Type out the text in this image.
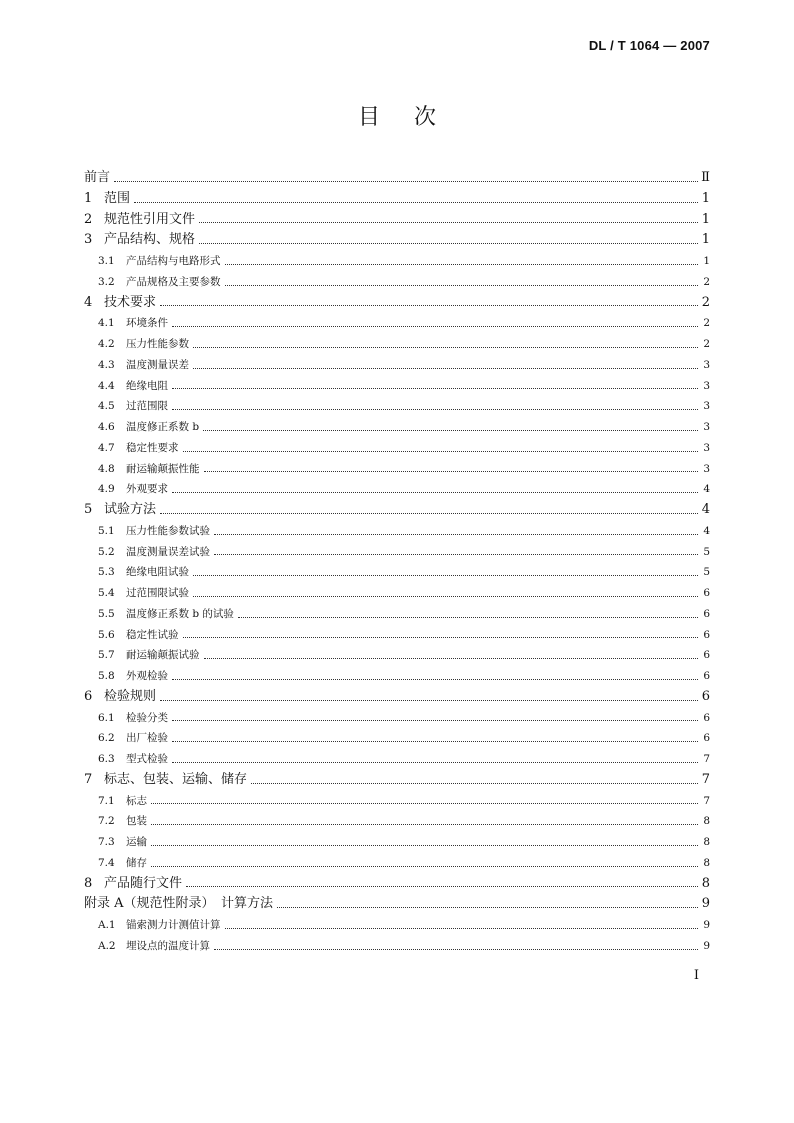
DL / T 1064 — 2007
目 次
前言	Ⅱ
1 范围	1
2 规范性引用文件	1
3 产品结构、规格	1
3.1	产品结构与电路形式	1
3.2	产品规格及主要参数	2
4 技术要求	2
4.1	环境条件	2
4.2	压力性能参数	2
4.3	温度测量误差	3
4.4	绝缘电阻	3
4.5	过范围限	3
4.6	温度修正系数 b	3
4.7	稳定性要求	3
4.8	耐运输颠振性能	3
4.9	外观要求	4
5 试验方法	4
5.1	压力性能参数试验	4
5.2	温度测量误差试验	5
5.3	绝缘电阻试验	5
5.4	过范围限试验	6
5.5	温度修正系数 b 的试验	6
5.6	稳定性试验	6
5.7	耐运输颠振试验	6
5.8	外观检验	6
6 检验规则	6
6.1	检验分类	6
6.2	出厂检验	6
6.3	型式检验	7
7 标志、包装、运输、储存	7
7.1	标志	7
7.2	包装	8
7.3	运输	8
7.4	储存	8
8 产品随行文件	8
附录 A（规范性附录）　计算方法	9
A.1 锚索测力计测值计算	9
A.2 埋设点的温度计算	9
I
